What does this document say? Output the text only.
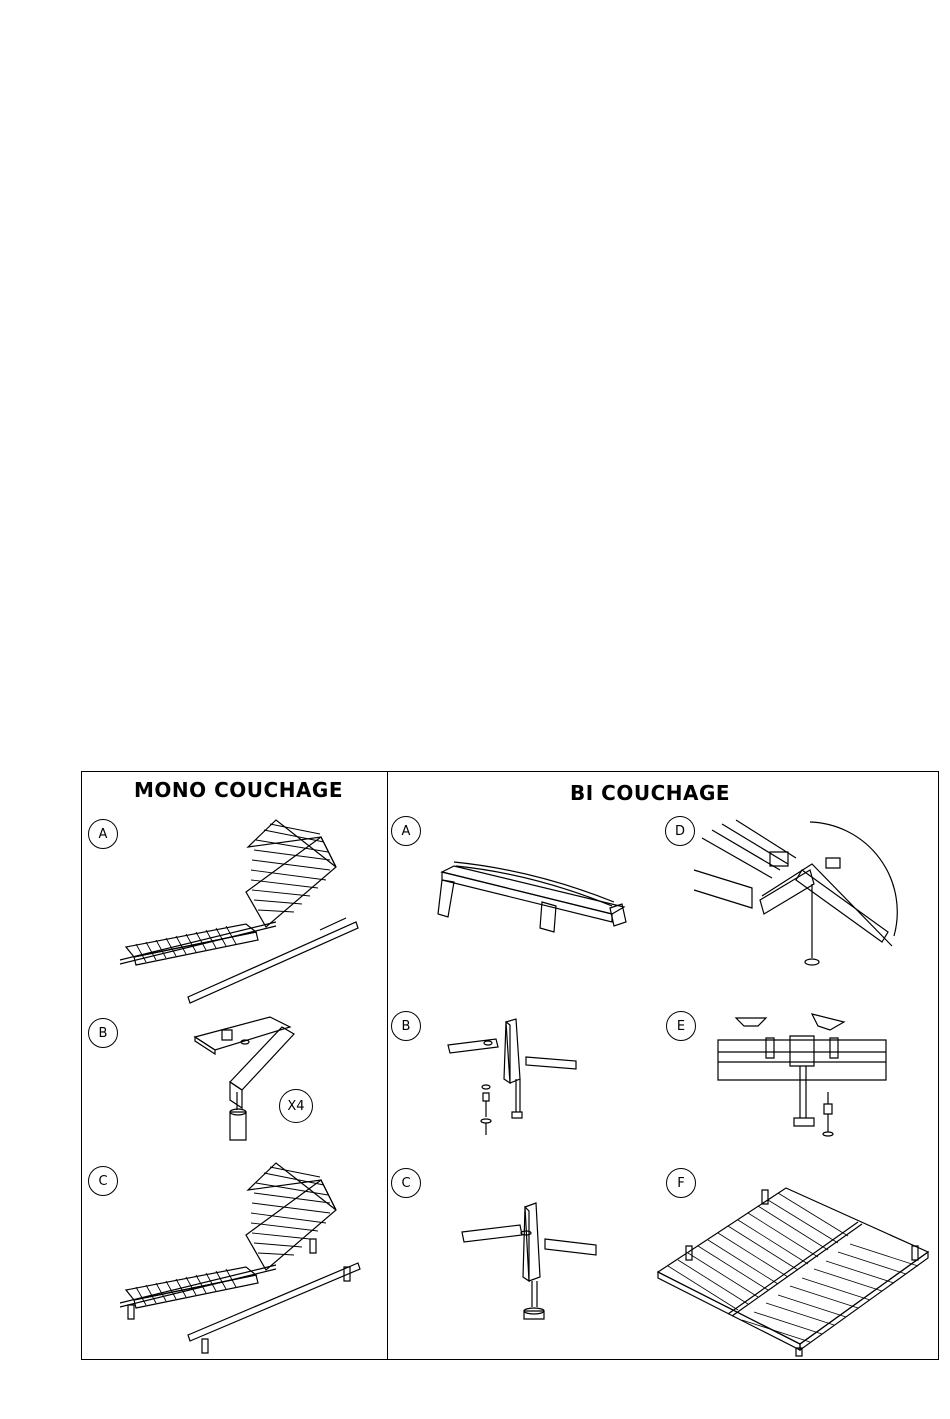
MONO COUCHAGE	BI COUCHAGE
A
B
C
A
B
C
D
E
F
X4
